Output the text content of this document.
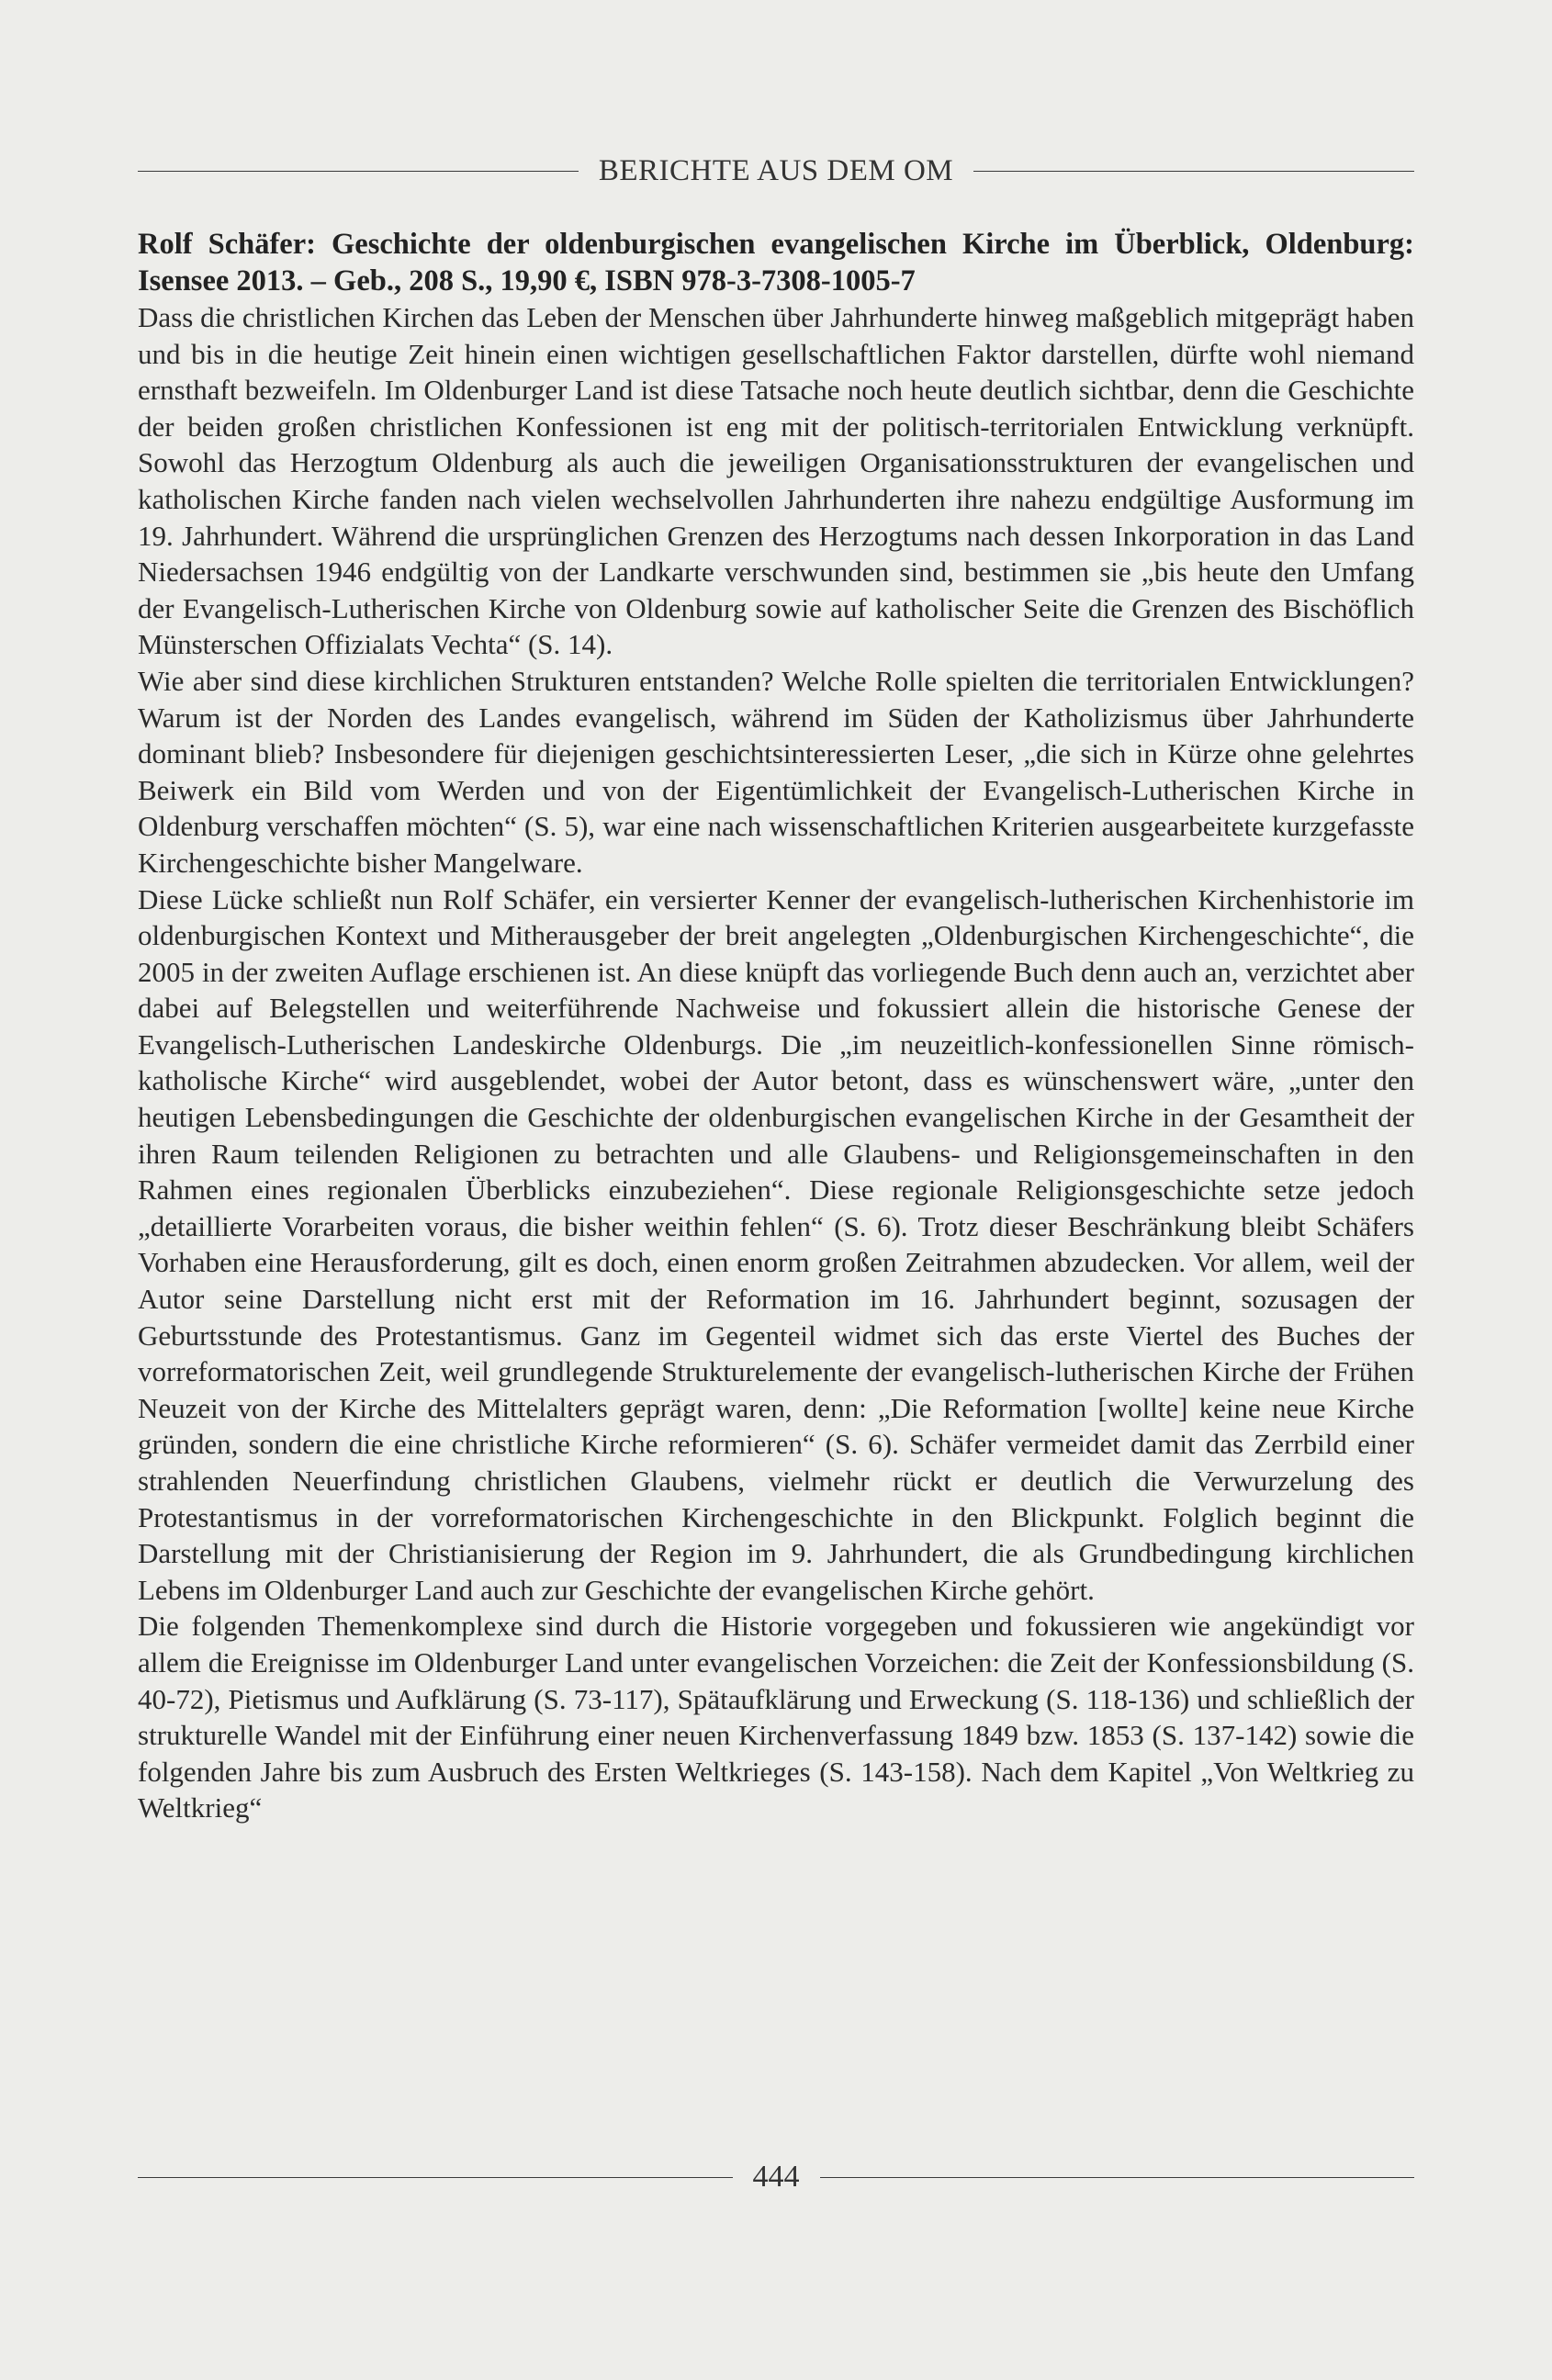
BERICHTE AUS DEM OM

Rolf Schäfer: Geschichte der oldenburgischen evangelischen Kirche im Überblick, Oldenburg: Isensee 2013. – Geb., 208 S., 19,90 €, ISBN 978-3-7308-1005-7

Dass die christlichen Kirchen das Leben der Menschen über Jahrhunderte hinweg maßgeblich mitgeprägt haben und bis in die heutige Zeit hinein einen wichtigen gesellschaftlichen Faktor darstellen, dürfte wohl niemand ernsthaft bezweifeln. Im Oldenburger Land ist diese Tatsache noch heute deutlich sichtbar, denn die Geschichte der beiden großen christlichen Konfessionen ist eng mit der politisch-territorialen Entwicklung verknüpft. Sowohl das Herzogtum Oldenburg als auch die jeweiligen Organisationsstrukturen der evangelischen und katholischen Kirche fanden nach vielen wechselvollen Jahrhunderten ihre nahezu endgültige Ausformung im 19. Jahrhundert. Während die ursprünglichen Grenzen des Herzogtums nach dessen Inkorporation in das Land Niedersachsen 1946 endgültig von der Landkarte verschwunden sind, bestimmen sie „bis heute den Umfang der Evangelisch-Lutherischen Kirche von Oldenburg sowie auf katholischer Seite die Grenzen des Bischöflich Münsterschen Offizialats Vechta“ (S. 14).

Wie aber sind diese kirchlichen Strukturen entstanden? Welche Rolle spielten die territorialen Entwicklungen? Warum ist der Norden des Landes evangelisch, während im Süden der Katholizismus über Jahrhunderte dominant blieb? Insbesondere für diejenigen geschichtsinteressierten Leser, „die sich in Kürze ohne gelehrtes Beiwerk ein Bild vom Werden und von der Eigentümlichkeit der Evangelisch-Lutherischen Kirche in Oldenburg verschaffen möchten“ (S. 5), war eine nach wissenschaftlichen Kriterien ausgearbeitete kurzgefasste Kirchengeschichte bisher Mangelware.

Diese Lücke schließt nun Rolf Schäfer, ein versierter Kenner der evangelisch-lutherischen Kirchenhistorie im oldenburgischen Kontext und Mitherausgeber der breit angelegten „Oldenburgischen Kirchengeschichte“, die 2005 in der zweiten Auflage erschienen ist. An diese knüpft das vorliegende Buch denn auch an, verzichtet aber dabei auf Belegstellen und weiterführende Nachweise und fokussiert allein die historische Genese der Evangelisch-Lutherischen Landeskirche Oldenburgs. Die „im neuzeitlich-konfessionellen Sinne römisch-katholische Kirche“ wird ausgeblendet, wobei der Autor betont, dass es wünschenswert wäre, „unter den heutigen Lebensbedingungen die Geschichte der oldenburgischen evangelischen Kirche in der Gesamtheit der ihren Raum teilenden Religionen zu betrachten und alle Glaubens- und Religionsgemeinschaften in den Rahmen eines regionalen Überblicks einzubeziehen“. Diese regionale Religionsgeschichte setze jedoch „detaillierte Vorarbeiten voraus, die bisher weithin fehlen“ (S. 6). Trotz dieser Beschränkung bleibt Schäfers Vorhaben eine Herausforderung, gilt es doch, einen enorm großen Zeitrahmen abzudecken. Vor allem, weil der Autor seine Darstellung nicht erst mit der Reformation im 16. Jahrhundert beginnt, sozusagen der Geburtsstunde des Protestantismus. Ganz im Gegenteil widmet sich das erste Viertel des Buches der vorreformatorischen Zeit, weil grundlegende Strukturelemente der evangelisch-lutherischen Kirche der Frühen Neuzeit von der Kirche des Mittelalters geprägt waren, denn: „Die Reformation [wollte] keine neue Kirche gründen, sondern die eine christliche Kirche reformieren“ (S. 6). Schäfer vermeidet damit das Zerrbild einer strahlenden Neuerfindung christlichen Glaubens, vielmehr rückt er deutlich die Verwurzelung des Protestantismus in der vorreformatorischen Kirchengeschichte in den Blickpunkt. Folglich beginnt die Darstellung mit der Christianisierung der Region im 9. Jahrhundert, die als Grundbedingung kirchlichen Lebens im Oldenburger Land auch zur Geschichte der evangelischen Kirche gehört.

Die folgenden Themenkomplexe sind durch die Historie vorgegeben und fokussieren wie angekündigt vor allem die Ereignisse im Oldenburger Land unter evangelischen Vorzeichen: die Zeit der Konfessionsbildung (S. 40-72), Pietismus und Aufklärung (S. 73-117), Spätaufklärung und Erweckung (S. 118-136) und schließlich der strukturelle Wandel mit der Einführung einer neuen Kirchenverfassung 1849 bzw. 1853 (S. 137-142) sowie die folgenden Jahre bis zum Ausbruch des Ersten Weltkrieges (S. 143-158). Nach dem Kapitel „Von Weltkrieg zu Weltkrieg“

444
